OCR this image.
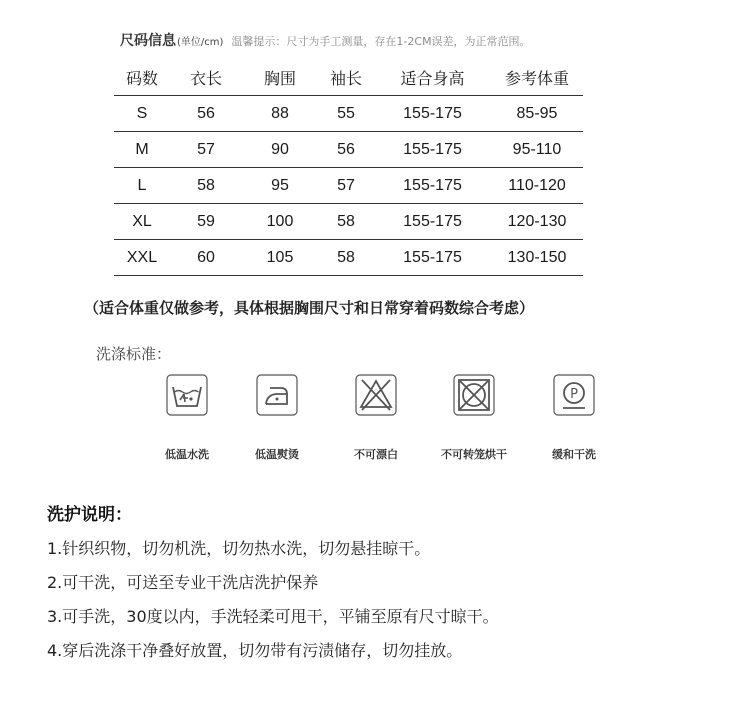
尺码信息(单位/cm) 温馨提示：尺寸为手工测量，存在1-2CM误差，为正常范围。
码数	衣长	胸围	袖长	适合身高	参考体重
S	56	88	55	155-175	85-95
M	57	90	56	155-175	95-110
L	58	95	57	155-175	110-120
XL	59	100	58	155-175	120-130
XXL	60	105	58	155-175	130-150
（适合体重仅做参考，具体根据胸围尺寸和日常穿着码数综合考虑）
洗涤标准：
P
低温水洗	低温熨烫	不可漂白	不可转笼烘干	缓和干洗
洗护说明：
1.针织织物，切勿机洗，切勿热水洗，切勿悬挂晾干。
2.可干洗，可送至专业干洗店洗护保养
3.可手洗，30度以内，手洗轻柔可甩干，平铺至原有尺寸晾干。
4.穿后洗涤干净叠好放置，切勿带有污渍储存，切勿挂放。
